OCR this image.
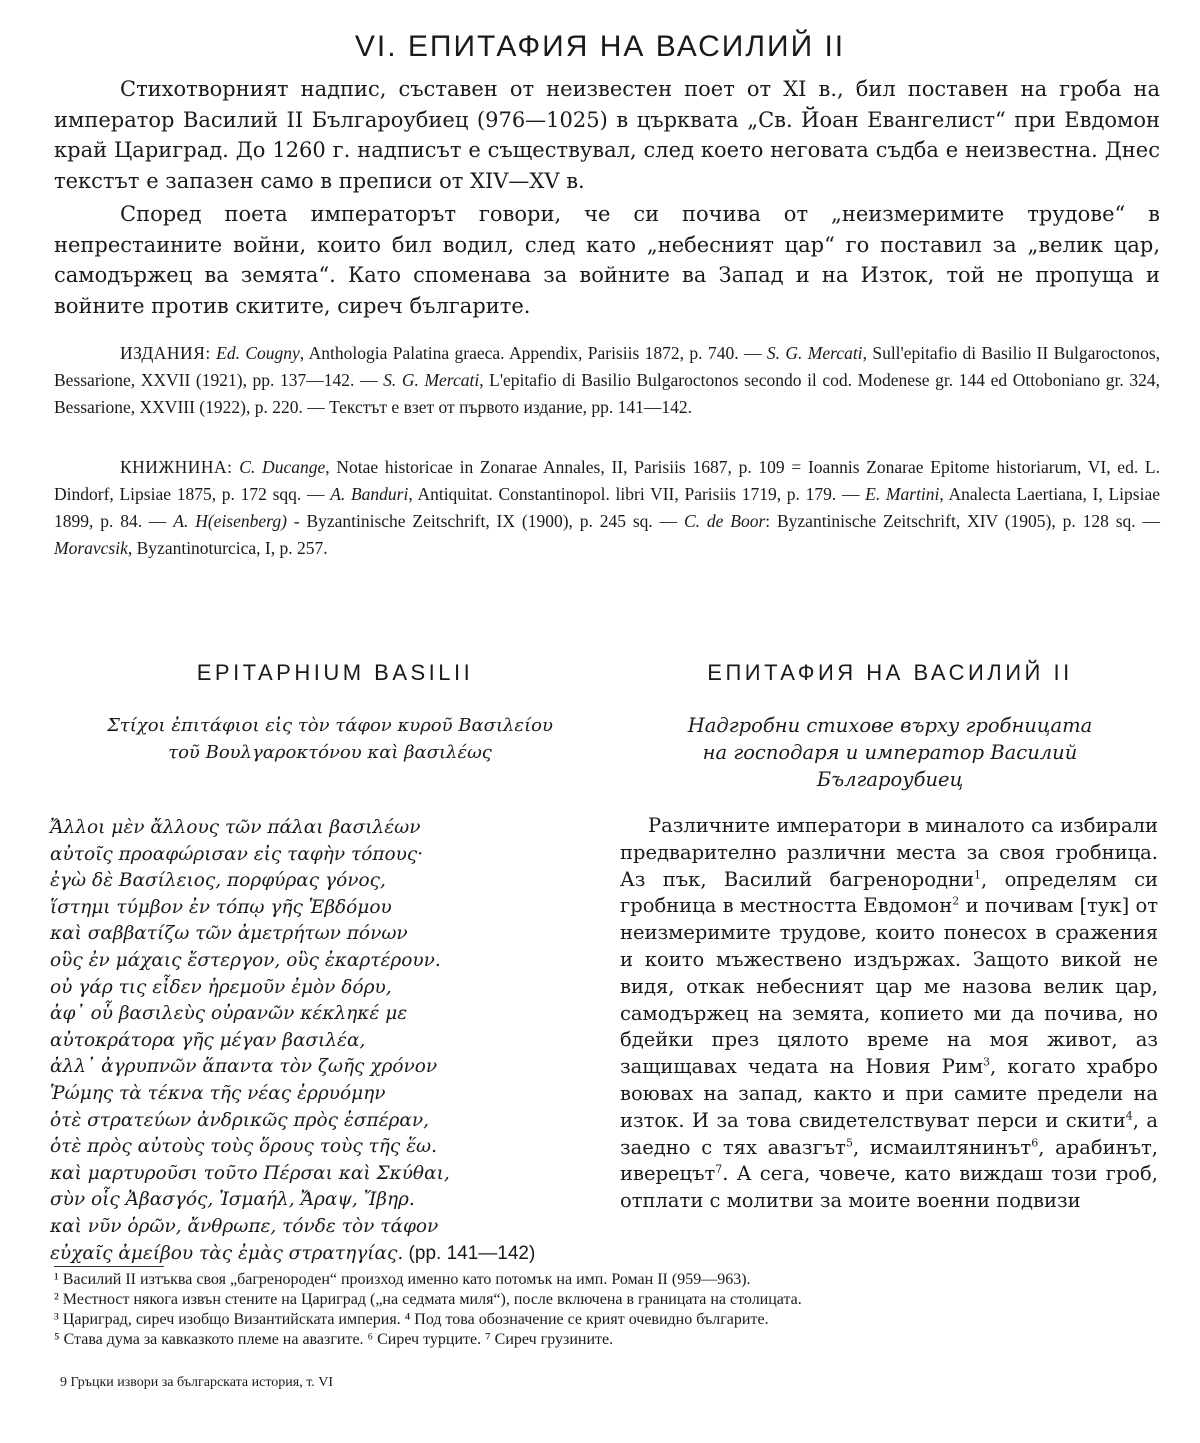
VI. ЕПИТАФИЯ НА ВАСИЛИЙ II

Стихотворният надпис, съставен от неизвестен поет от XI в., бил поставен на гроба на император Василий II Българоубиец (976—1025) в църквата „Св. Йоан Евангелист“ при Евдомон край Цариград. До 1260 г. надписът е съществувал, след което неговата съдба е неизвестна. Днес текстът е запазен само в преписи от XIV—XV в.

Според поета императорът говори, че си почива от „неизмеримите трудове“ в непрестаините войни, които бил водил, след като „небесният цар“ го поставил за „велик цар, самодържец ва земята“. Като споменава за войните ва Запад и на Изток, той не пропуща и войните против скитите, сиреч българите.

ИЗДАНИЯ: Ed. Cougny, Anthologia Palatina graeca. Appendix, Parisiis 1872, p. 740. — S. G. Mercati, Sull'epitafio di Basilio II Bulgaroctonos, Bessarione, XXVII (1921), pp. 137—142. — S. G. Mercati, L'epitafio di Basilio Bulgaroctonos secondo il cod. Modenese gr. 144 ed Ottoboniano gr. 324, Bessarione, XXVIII (1922), p. 220. — Текстът е взет от първото издание, pp. 141—142.
КНИЖНИНА: C. Ducange, Notae historicae in Zonarae Annales, II, Parisiis 1687, p. 109 = Ioannis Zonarae Epitome historiarum, VI, ed. L. Dindorf, Lipsiae 1875, p. 172 sqq. — A. Banduri, Antiquitat. Constantinopol. libri VII, Parisiis 1719, p. 179. — E. Martini, Analecta Laertiana, I, Lipsiae 1899, p. 84. — A. H(eisenberg) - Byzantinische Zeitschrift, IX (1900), p. 245 sq. — C. de Boor: Byzantinische Zeitschrift, XIV (1905), p. 128 sq. — Moravcsik, Byzantinoturcica, I, p. 257.
EPITAPHIUM BASILII
Στίχοι ἐπιτάφιοι εἰς τὸν τάφον κυροῦ Βασιλείου
τοῦ Βουλγαροκτόνου καὶ βασιλέως
Ἄλλοι μὲν ἄλλους τῶν πάλαι βασιλέων
αὐτοῖς προαφώρισαν εἰς ταφὴν τόπους·
ἐγὼ δὲ Βασίλειος, πορφύρας γόνος,
ἵστημι τύμβον ἐν τόπῳ γῆς Ἑβδόμου
καὶ σαββατίζω τῶν ἀμετρήτων πόνων
οὓς ἐν μάχαις ἔστεργον, οὓς ἐκαρτέρουν.
οὐ γάρ τις εἶδεν ἠρεμοῦν ἐμὸν δόρυ,
ἀφ᾽ οὗ βασιλεὺς οὐρανῶν κέκληκέ με
αὐτοκράτορα γῆς μέγαν βασιλέα,
ἀλλ᾽ ἀγρυπνῶν ἅπαντα τὸν ζωῆς χρόνον
Ῥώμης τὰ τέκνα τῆς νέας ἐρρυόμην
ὁτὲ στρατεύων ἀνδρικῶς πρὸς ἑσπέραν,
ὁτὲ πρὸς αὐτοὺς τοὺς ὅρους τοὺς τῆς ἕω.
καὶ μαρτυροῦσι τοῦτο Πέρσαι καὶ Σκύθαι,
σὺν οἷς Ἀβασγός, Ἰσμαήλ, Ἄραψ, Ἴβηρ.
καὶ νῦν ὁρῶν, ἄνθρωπε, τόνδε τὸν τάφον
εὐχαῖς ἀμείβου τὰς ἐμὰς στρατηγίας. (pp. 141—142)
ЕПИТАФИЯ НА ВАСИЛИЙ II
Надгробни стихове върху гробницата
на господаря и император Василий
Българоубиец
Различните императори в миналото са избирали предварително различни места за своя гробница. Аз пък, Василий багренородни$^1$, определям си гробница в местността Евдомон$^2$ и почивам [тук] от неизмеримите трудове, които понесох в сражения и които мъжествено издържах. Защото викой не видя, откак небесният цар ме назова велик цар, самодържец на земята, копието ми да почива, но бдейки през цялото време на моя живот, аз защищавах чедата на Новия Рим$^3$, когато храбро воювах на запад, както и при самите предели на изток. И за това свидетелствуват перси и скити$^4$, а заедно с тях авазгът$^5$, исмаилтянинът$^6$, арабинът, иверецът$^7$. А сега, човече, като виждаш този гроб, отплати с молитви за моите военни подвизи
¹ Василий II изтъква своя „багренороден“ произход именно като потомък на имп. Роман II (959—963).
² Местност някога извън стените на Цариград („на седмата миля“), после включена в границата на столицата.
³ Цариград, сиреч изобщо Византийската империя. ⁴ Под това обозначение се крият очевидно българите.
⁵ Става дума за кавказкото племе на авазгите. ⁶ Сиреч турците. ⁷ Сиреч грузините.
9 Гръцки извори за българската история, т. VI
